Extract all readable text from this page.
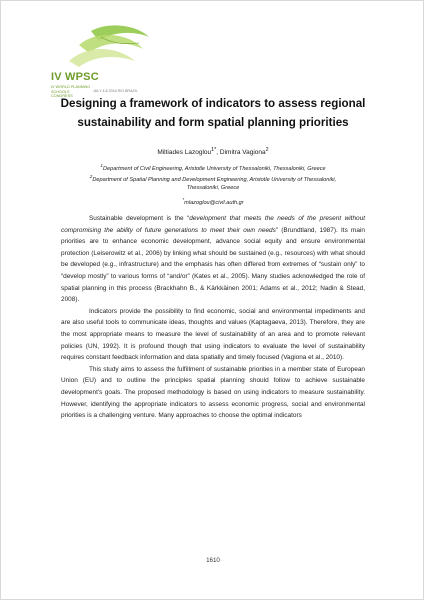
IV WPSC
IV WORLD PLANNING SCHOOLS CONGRESS
JULY 4-8 2016 RIO BRAZIL
Designing a framework of indicators to assess regional
sustainability and form spatial planning priorities
Miltiades Lazoglou$^{1*}$, Dimitra Vagiona$^2$
$^1$Department of Civil Engineering, Aristotle University of Thessaloniki, Thessaloniki, Greece
$^2$Department of Spatial Planning and Development Engineering, Aristotle University of Thessaloniki,
Thessaloniki, Greece
*mlazoglou@civil.auth.gr

Sustainable development is the “development that meets the needs of the present without compromising the ability of future generations to meet their own needs” (Brundtland, 1987). Its main priorities are to enhance economic development, advance social equity and ensure environmental protection (Leiserowitz et al., 2006) by linking what should be sustained (e.g., resources) with what should be developed (e.g., infrastructure) and the emphasis has often differed from extremes of “sustain only” to “develop mostly” to various forms of “and/or” (Kates et al., 2005). Many studies acknowledged the role of spatial planning in this process (Brackhahn B., & Kärkkäinen 2001; Adams et al., 2012; Nadin & Stead, 2008).

Indicators provide the possibility to find economic, social and environmental impediments and are also useful tools to communicate ideas, thoughts and values (Kaptagaeva, 2013). Therefore, they are the most appropriate means to measure the level of sustainability of an area and to promote relevant policies (UN, 1992). It is profound though that using indicators to evaluate the level of sustainability requires constant feedback information and data spatially and timely focused (Vagiona et al., 2010).

This study aims to assess the fulfillment of sustainable priorities in a member state of European Union (EU) and to outline the principles spatial planning should follow to achieve sustainable development's goals. The proposed methodology is based on using indicators to measure sustainability. However, identifying the appropriate indicators to assess economic progress, social and environmental priorities is a challenging venture. Many approaches to choose the optimal indicators

1610
